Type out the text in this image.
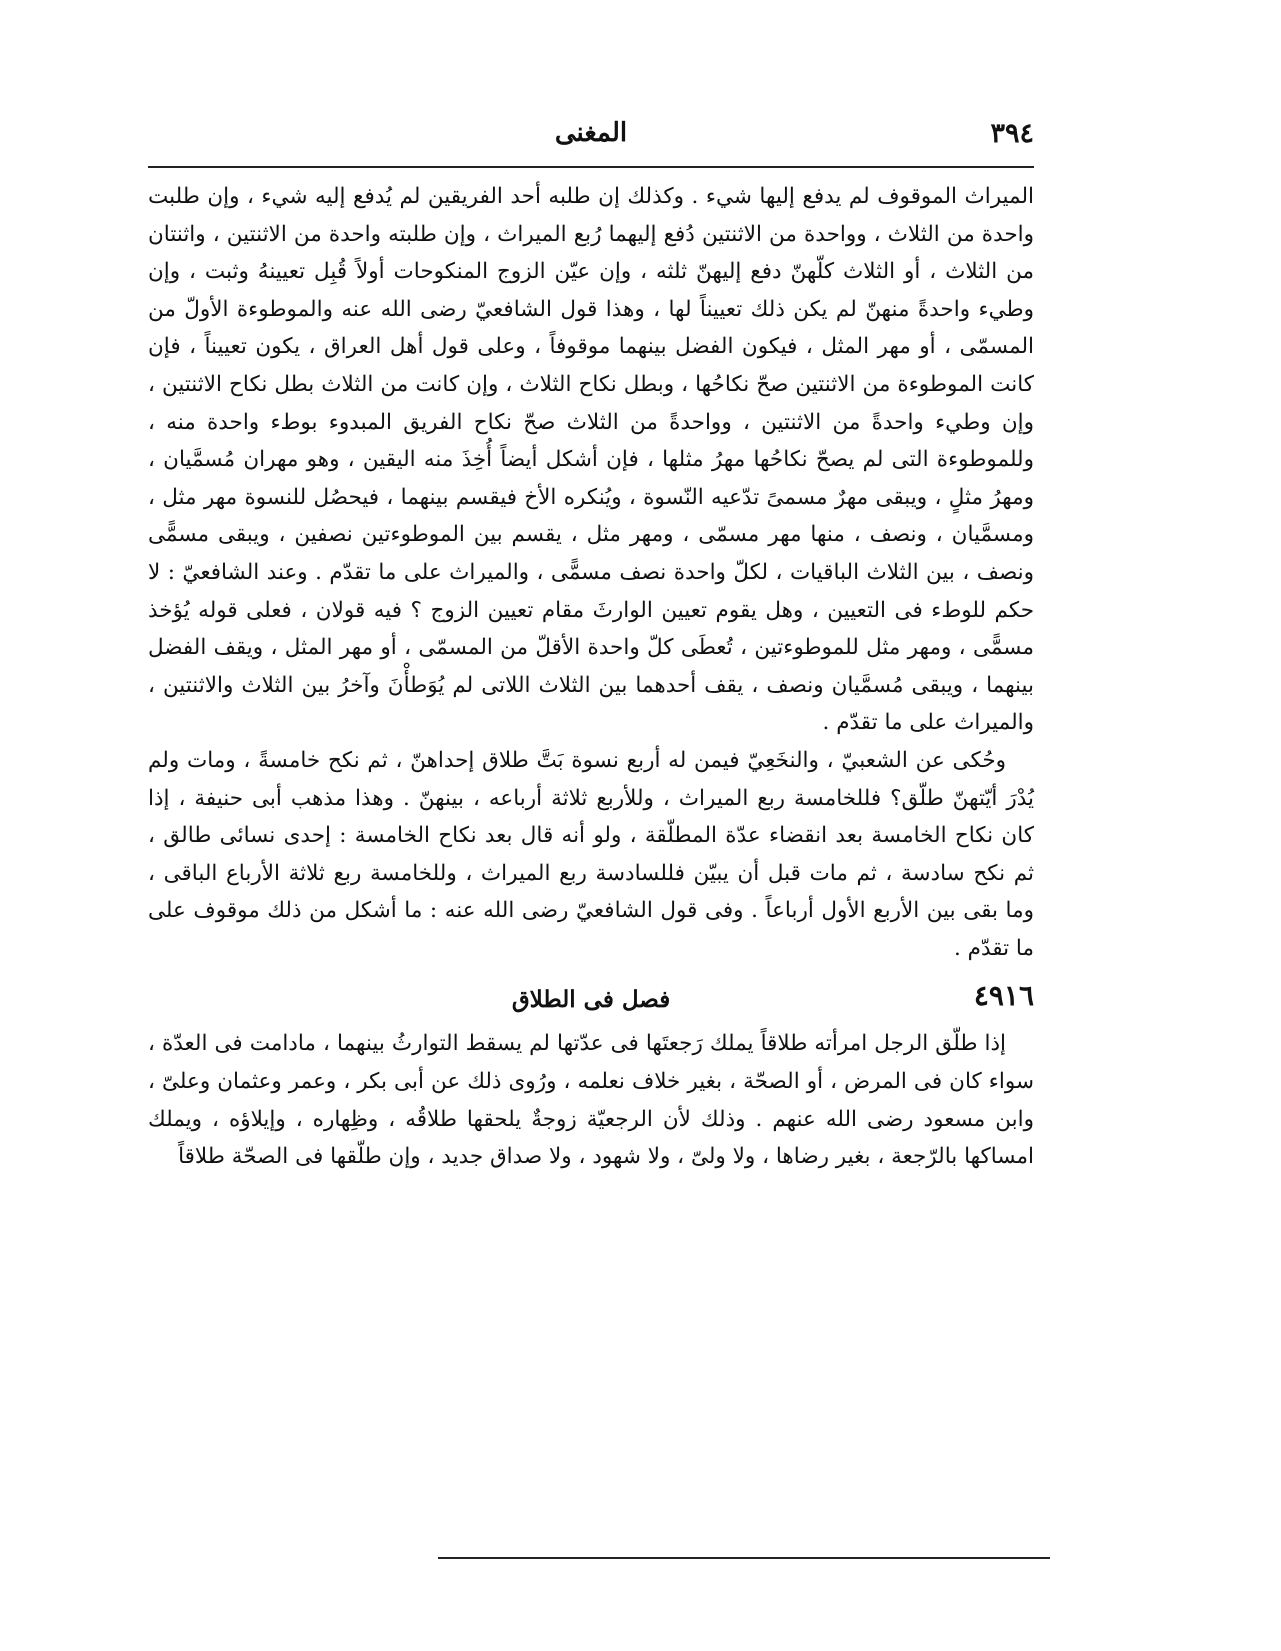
٣٩٤
المغنى

الميراث الموقوف لم يدفع إليها شيء . وكذلك إن طلبه أحد الفريقين لم يُدفع إليه شيء ، وإن طلبت واحدة من الثلاث ، وواحدة من الاثنتين دُفع إليهما رُبع الميراث ، وإن طلبته واحدة من الاثنتين ، واثنتان من الثلاث ، أو الثلاث كلّهنّ دفع إليهنّ ثلثه ، وإن عيّن الزوج المنكوحات أولاً قُبِل تعيينهُ وثبت ، وإن وطيء واحدةً منهنّ لم يكن ذلك تعييناً لها ، وهذا قول الشافعيّ رضى الله عنه والموطوءة الأولّ من المسمّى ، أو مهر المثل ، فيكون الفضل بينهما موقوفاً ، وعلى قول أهل العراق ، يكون تعييناً ، فإن كانت الموطوءة من الاثنتين صحّ نكاحُها ، وبطل نكاح الثلاث ، وإن كانت من الثلاث بطل نكاح الاثنتين ، وإن وطيء واحدةً من الاثنتين ، وواحدةً من الثلاث صحّ نكاح الفريق المبدوء بوطء واحدة منه ، وللموطوءة التى لم يصحّ نكاحُها مهرُ مثلها ، فإن أشكل أيضاً أُخِذَ منه اليقين ، وهو مهران مُسمَّيان ، ومهرُ مثلٍ ، ويبقى مهرٌ مسمىً تدّعيه النّسوة ، ويُنكره الأخ فيقسم بينهما ، فيحصُل للنسوة مهر مثل ، ومسمَّيان ، ونصف ، منها مهر مسمّى ، ومهر مثل ، يقسم بين الموطوءتين نصفين ، ويبقى مسمًّى ونصف ، بين الثلاث الباقيات ، لكلّ واحدة نصف مسمًّى ، والميراث على ما تقدّم . وعند الشافعيّ : لا حكم للوطء فى التعيين ، وهل يقوم تعيين الوارثَ مقام تعيين الزوج ؟ فيه قولان ، فعلى قوله يُؤخذ مسمًّى ، ومهر مثل للموطوءتين ، تُعطَى كلّ واحدة الأقلّ من المسمّى ، أو مهر المثل ، ويقف الفضل بينهما ، ويبقى مُسمَّيان ونصف ، يقف أحدهما بين الثلاث اللاتى لم يُوَطأْنَ وآخرُ بين الثلاث والاثنتين ، والميراث على ما تقدّم .

وحُكى عن الشعبيّ ، والنخَعِيّ فيمن له أربع نسوة بَتَّ طلاق إحداهنّ ، ثم نكح خامسةً ، ومات ولم يُدْرَ أيّتهنّ طلّق؟ فللخامسة ربع الميراث ، وللأربع ثلاثة أرباعه ، بينهنّ . وهذا مذهب أبى حنيفة ، إذا كان نكاح الخامسة بعد انقضاء عدّة المطلّقة ، ولو أنه قال بعد نكاح الخامسة : إحدى نسائى طالق ، ثم نكح سادسة ، ثم مات قبل أن يبيّن فللسادسة ربع الميراث ، وللخامسة ربع ثلاثة الأرباع الباقى ، وما بقى بين الأربع الأول أرباعاً . وفى قول الشافعيّ رضى الله عنه : ما أشكل من ذلك موقوف على ما تقدّم .

٤٩١٦
فصل فى الطلاق

إذا طلّق الرجل امرأته طلاقاً يملك رَجعتَها فى عدّتها لم يسقط التوارثُ بينهما ، مادامت فى العدّة ، سواء كان فى المرض ، أو الصحّة ، بغير خلاف نعلمه ، ورُوى ذلك عن أبى بكر ، وعمر وعثمان وعلىّ ، وابن مسعود رضى الله عنهم . وذلك لأن الرجعيّة زوجةٌ يلحقها طلاقُه ، وظِهاره ، وإيلاؤه ، ويملك امساكها بالرّجعة ، بغير رضاها ، ولا ولىّ ، ولا شهود ، ولا صداق جديد ، وإن طلّقها فى الصحّة طلاقاً
